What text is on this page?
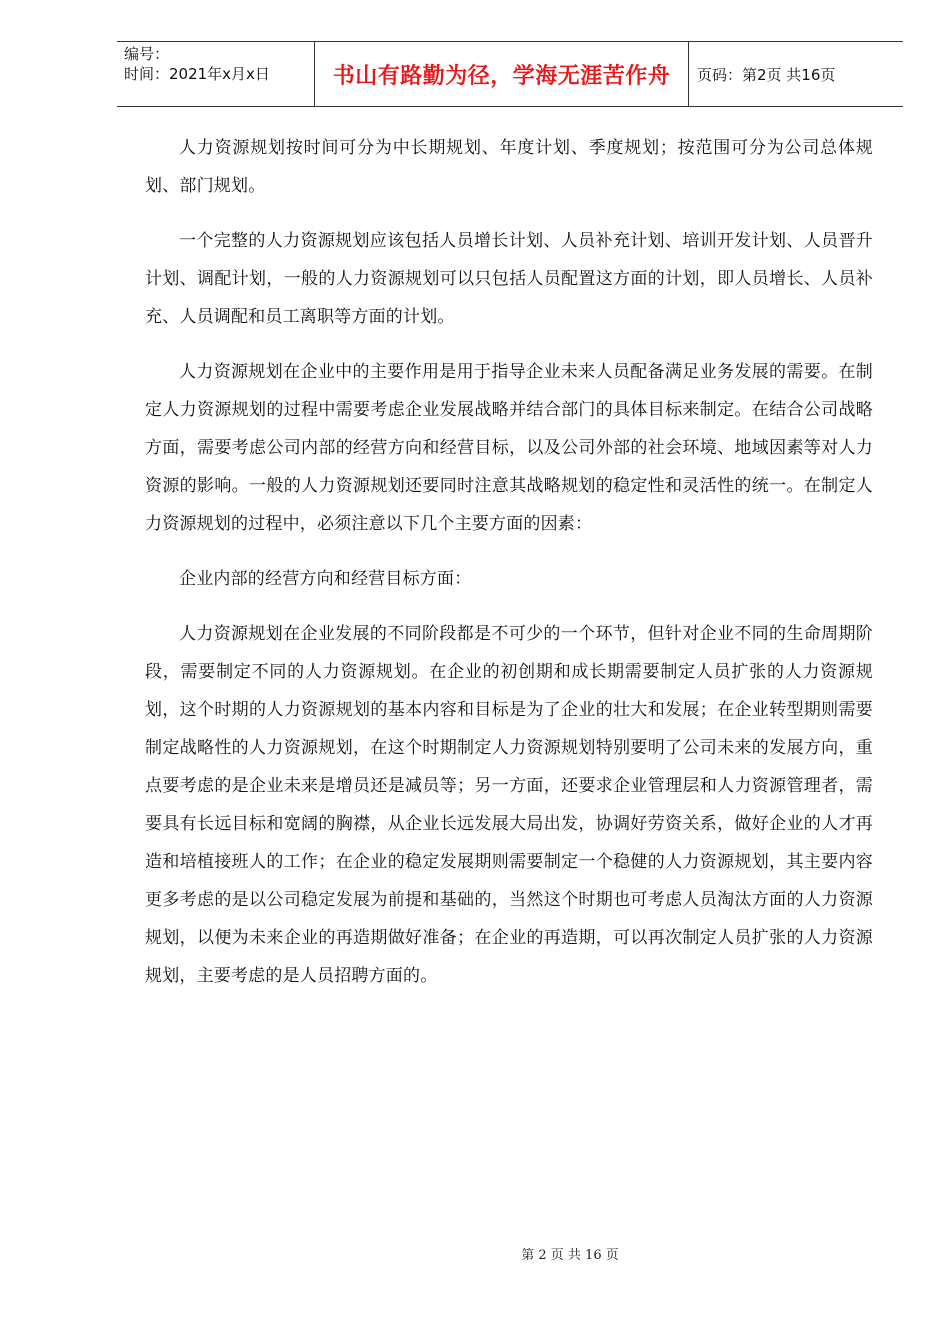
编号：
时间：2021年x月x日	书山有路勤为径，学海无涯苦作舟 页码：第2页 共16页

人力资源规划按时间可分为中长期规划、年度计划、季度规划；按范围可分为公司总体规划、部门规划。

一个完整的人力资源规划应该包括人员增长计划、人员补充计划、培训开发计划、人员晋升计划、调配计划，一般的人力资源规划可以只包括人员配置这方面的计划，即人员增长、人员补充、人员调配和员工离职等方面的计划。

人力资源规划在企业中的主要作用是用于指导企业未来人员配备满足业务发展的需要。在制定人力资源规划的过程中需要考虑企业发展战略并结合部门的具体目标来制定。在结合公司战略方面，需要考虑公司内部的经营方向和经营目标，以及公司外部的社会环境、地域因素等对人力资源的影响。一般的人力资源规划还要同时注意其战略规划的稳定性和灵活性的统一。在制定人力资源规划的过程中，必须注意以下几个主要方面的因素：

企业内部的经营方向和经营目标方面：

人力资源规划在企业发展的不同阶段都是不可少的一个环节，但针对企业不同的生命周期阶段，需要制定不同的人力资源规划。在企业的初创期和成长期需要制定人员扩张的人力资源规划，这个时期的人力资源规划的基本内容和目标是为了企业的壮大和发展；在企业转型期则需要制定战略性的人力资源规划，在这个时期制定人力资源规划特别要明了公司未来的发展方向，重点要考虑的是企业未来是增员还是减员等；另一方面，还要求企业管理层和人力资源管理者，需要具有长远目标和宽阔的胸襟，从企业长远发展大局出发，协调好劳资关系，做好企业的人才再造和培植接班人的工作；在企业的稳定发展期则需要制定一个稳健的人力资源规划，其主要内容更多考虑的是以公司稳定发展为前提和基础的，当然这个时期也可考虑人员淘汰方面的人力资源规划，以便为未来企业的再造期做好准备；在企业的再造期，可以再次制定人员扩张的人力资源规划，主要考虑的是人员招聘方面的。

第 2 页 共 16 页
